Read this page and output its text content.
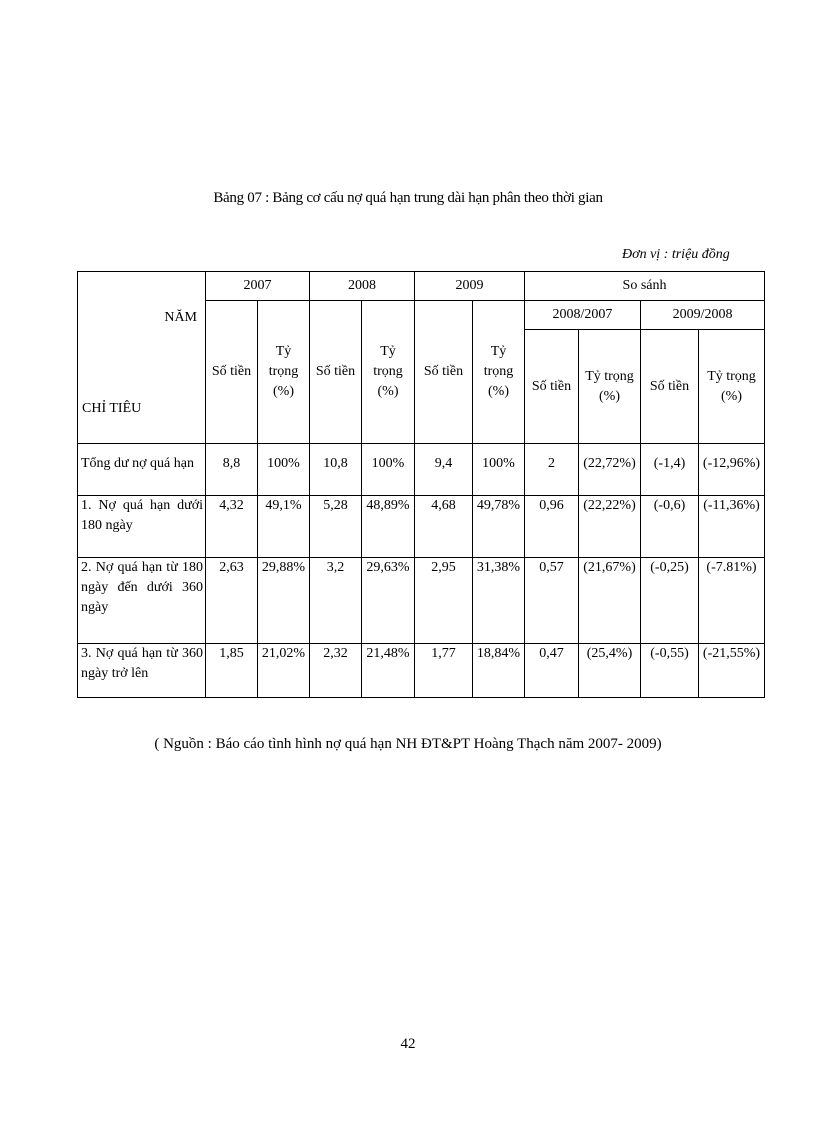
Bảng 07 : Bảng cơ cấu nợ quá hạn trung dài hạn phân theo thời gian
Đơn vị : triệu đồng
NĂM
CHỈ TIÊU	2007		2008		2009		So sánh			
	Số tiền	Tỷ trọng (%)	Số tiền	Tỷ trọng (%)	Số tiền	Tỷ trọng (%)	2008/2007		2009/2008	
							Số tiền	Tỷ trọng (%)	Số tiền	Tỷ trọng (%)
Tổng dư nợ quá hạn	8,8	100%	10,8	100%	9,4	100%	2	(22,72%)	(-1,4)	(-12,96%)
1. Nợ quá hạn dưới 180 ngày	4,32	49,1%	5,28	48,89%	4,68	49,78%	0,96	(22,22%)	(-0,6)	(-11,36%)
2. Nợ quá hạn từ 180 ngày đến dưới 360 ngày	2,63	29,88%	3,2	29,63%	2,95	31,38%	0,57	(21,67%)	(-0,25)	(-7.81%)
3. Nợ quá hạn từ 360 ngày trở lên	1,85	21,02%	2,32	21,48%	1,77	18,84%	0,47	(25,4%)	(-0,55)	(-21,55%)
( Nguồn : Báo cáo tình hình nợ quá hạn NH ĐT&PT Hoàng Thạch năm 2007- 2009)
42
